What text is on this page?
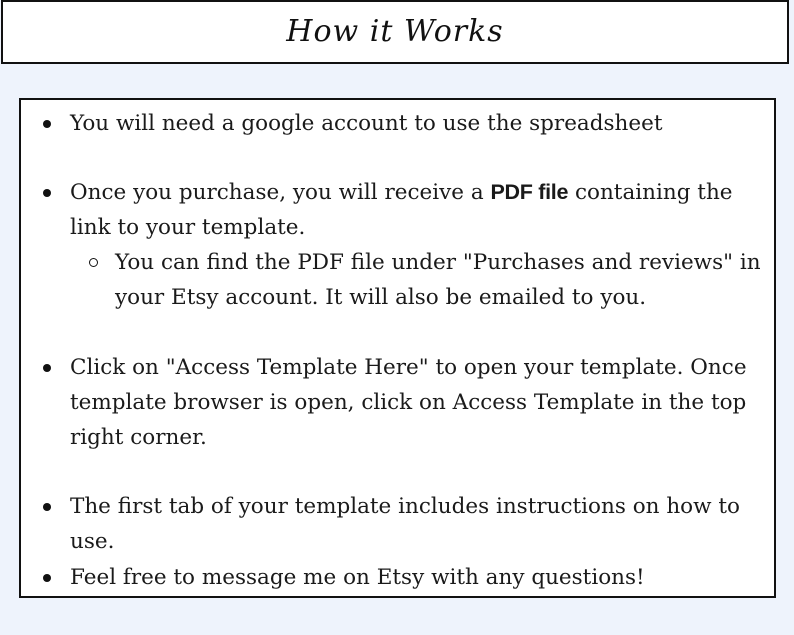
How it Works
You will need a google account to use the spreadsheet
Once you purchase, you will receive a PDF file containing the link to your template.
You can find the PDF file under "Purchases and reviews" in your Etsy account. It will also be emailed to you.
Click on "Access Template Here" to open your template. Once template browser is open, click on Access Template in the top right corner.
The first tab of your template includes instructions on how to use.
Feel free to message me on Etsy with any questions!
